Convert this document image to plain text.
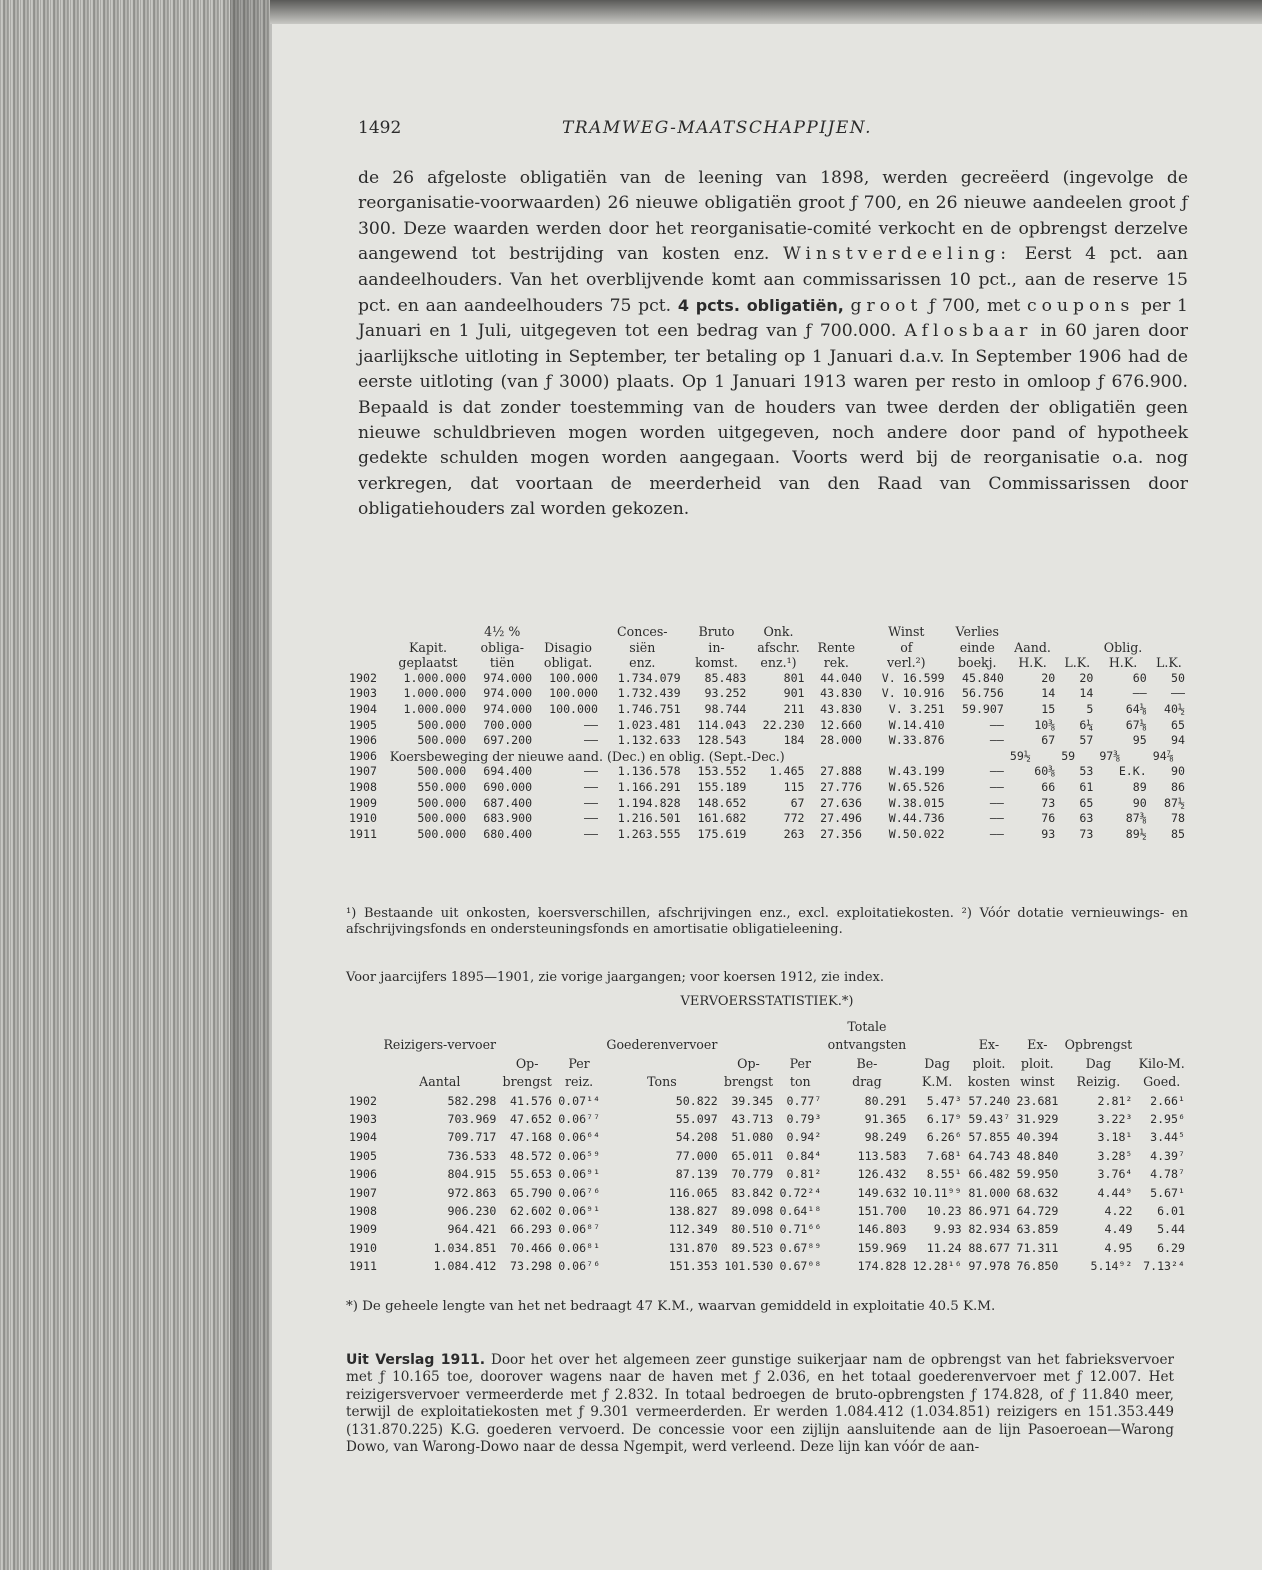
1492	TRAMWEG-MAATSCHAPPIJEN.

de 26 afgeloste obligatiën van de leening van 1898, werden gecreëerd (ingevolge de reorganisatie-voorwaarden) 26 nieuwe obligatiën groot ƒ 700, en 26 nieuwe aandeelen groot ƒ 300. Deze waarden werden door het reorganisatie-comité verkocht en de opbrengst derzelve aangewend tot bestrijding van kosten enz. Winstverdeeling: Eerst 4 pct. aan aandeelhouders. Van het overblijvende komt aan commissarissen 10 pct., aan de reserve 15 pct. en aan aandeelhouders 75 pct. 4 pcts. obligatiën, groot ƒ 700, met coupons per 1 Januari en 1 Juli, uitgegeven tot een bedrag van ƒ 700.000. Aflosbaar in 60 jaren door jaarlijksche uitloting in September, ter betaling op 1 Januari d.a.v. In September 1906 had de eerste uitloting (van ƒ 3000) plaats. Op 1 Januari 1913 waren per resto in omloop ƒ 676.900. Bepaald is dat zonder toestemming van de houders van twee derden der obligatiën geen nieuwe schuldbrieven mogen worden uitgegeven, noch andere door pand of hypotheek gedekte schulden mogen worden aangegaan. Voorts werd bij de reorganisatie o.a. nog verkregen, dat voortaan de meerderheid van den Raad van Commissarissen door obligatiehouders zal worden gekozen.

		4½ %		Conces-	Bruto	Onk.		Winst	Verlies				
	Kapit.	obliga-	Disagio	siën	in-	afschr.	Rente	of	einde	Aand.		Oblig.	
	geplaatst	tiën	obligat.	enz.	komst.	enz.¹)	rek.	verl.²)	boekj.	H.K.	L.K.	H.K.	L.K.
1902	1.000.000	974.000	100.000	1.734.079	85.483	801	44.040	V. 16.599	45.840	20	20	60	50
1903	1.000.000	974.000	100.000	1.732.439	93.252	901	43.830	V. 10.916	56.756	14	14	——	——
1904	1.000.000	974.000	100.000	1.746.751	98.744	211	43.830	V. 3.251	59.907	15	5	64⅛	40½
1905	500.000	700.000	——	1.023.481	114.043	22.230	12.660	W.14.410	——	10⅜	6¼	67⅛	65
1906	500.000	697.200	——	1.132.633	128.543	184	28.000	W.33.876	——	67	57	95	94
1906	Koersbeweging der nieuwe aand. (Dec.) en oblig. (Sept.-Dec.)									59½	59	97⅜	94⅞
1907	500.000	694.400	——	1.136.578	153.552	1.465	27.888	W.43.199	——	60⅜	53	E.K.	90
1908	550.000	690.000	——	1.166.291	155.189	115	27.776	W.65.526	——	66	61	89	86
1909	500.000	687.400	——	1.194.828	148.652	67	27.636	W.38.015	——	73	65	90	87½
1910	500.000	683.900	——	1.216.501	161.682	772	27.496	W.44.736	——	76	63	87⅜	78
1911	500.000	680.400	——	1.263.555	175.619	263	27.356	W.50.022	——	93	73	89½	85

¹) Bestaande uit onkosten, koersverschillen, afschrijvingen enz., excl. exploitatiekosten. ²) Vóór dotatie vernieuwings- en afschrijvingsfonds en ondersteuningsfonds en amortisatie obligatieleening.

Voor jaarcijfers 1895—1901, zie vorige jaargangen; voor koersen 1912, zie index.

VERVOERSSTATISTIEK.*)
							Totale					
	Reizigers-vervoer			Goederenvervoer			ontvangsten		Ex-	Ex-	Opbrengst	
		Op-	Per		Op-	Per	Be-	Dag	ploit.	ploit.	Dag	Kilo-M.
	Aantal	brengst	reiz.	Tons	brengst	ton	drag	K.M.	kosten	winst	Reizig.	Goed.
1902	582.298	41.576	0.07¹⁴	50.822	39.345	0.77⁷	80.291	5.47³	57.240	23.681	2.81²	2.66¹
1903	703.969	47.652	0.06⁷⁷	55.097	43.713	0.79³	91.365	6.17⁹	59.43⁷	31.929	3.22³	2.95⁶
1904	709.717	47.168	0.06⁶⁴	54.208	51.080	0.94²	98.249	6.26⁶	57.855	40.394	3.18¹	3.44⁵
1905	736.533	48.572	0.06⁵⁹	77.000	65.011	0.84⁴	113.583	7.68¹	64.743	48.840	3.28⁵	4.39⁷
1906	804.915	55.653	0.06⁹¹	87.139	70.779	0.81²	126.432	8.55¹	66.482	59.950	3.76⁴	4.78⁷
1907	972.863	65.790	0.06⁷⁶	116.065	83.842	0.72²⁴	149.632	10.11⁹⁹	81.000	68.632	4.44⁹	5.67¹
1908	906.230	62.602	0.06⁹¹	138.827	89.098	0.64¹⁸	151.700	10.23	86.971	64.729	4.22	6.01
1909	964.421	66.293	0.06⁸⁷	112.349	80.510	0.71⁶⁶	146.803	9.93	82.934	63.859	4.49	5.44
1910	1.034.851	70.466	0.06⁸¹	131.870	89.523	0.67⁸⁹	159.969	11.24	88.677	71.311	4.95	6.29
1911	1.084.412	73.298	0.06⁷⁶	151.353	101.530	0.67⁰⁸	174.828	12.28¹⁶	97.978	76.850	5.14⁹²	7.13²⁴

*) De geheele lengte van het net bedraagt 47 K.M., waarvan gemiddeld in exploitatie 40.5 K.M.

Uit Verslag 1911. Door het over het algemeen zeer gunstige suikerjaar nam de opbrengst van het fabrieksvervoer met ƒ 10.165 toe, doorover wagens naar de haven met ƒ 2.036, en het totaal goederenvervoer met ƒ 12.007. Het reizigersvervoer vermeerderde met ƒ 2.832. In totaal bedroegen de bruto-opbrengsten ƒ 174.828, of ƒ 11.840 meer, terwijl de exploitatiekosten met ƒ 9.301 vermeerderden. Er werden 1.084.412 (1.034.851) reizigers en 151.353.449 (131.870.225) K.G. goederen vervoerd. De concessie voor een zijlijn aansluitende aan de lijn Pasoeroean—Warong Dowo, van Warong-Dowo naar de dessa Ngempit, werd verleend. Deze lijn kan vóór de aan-
